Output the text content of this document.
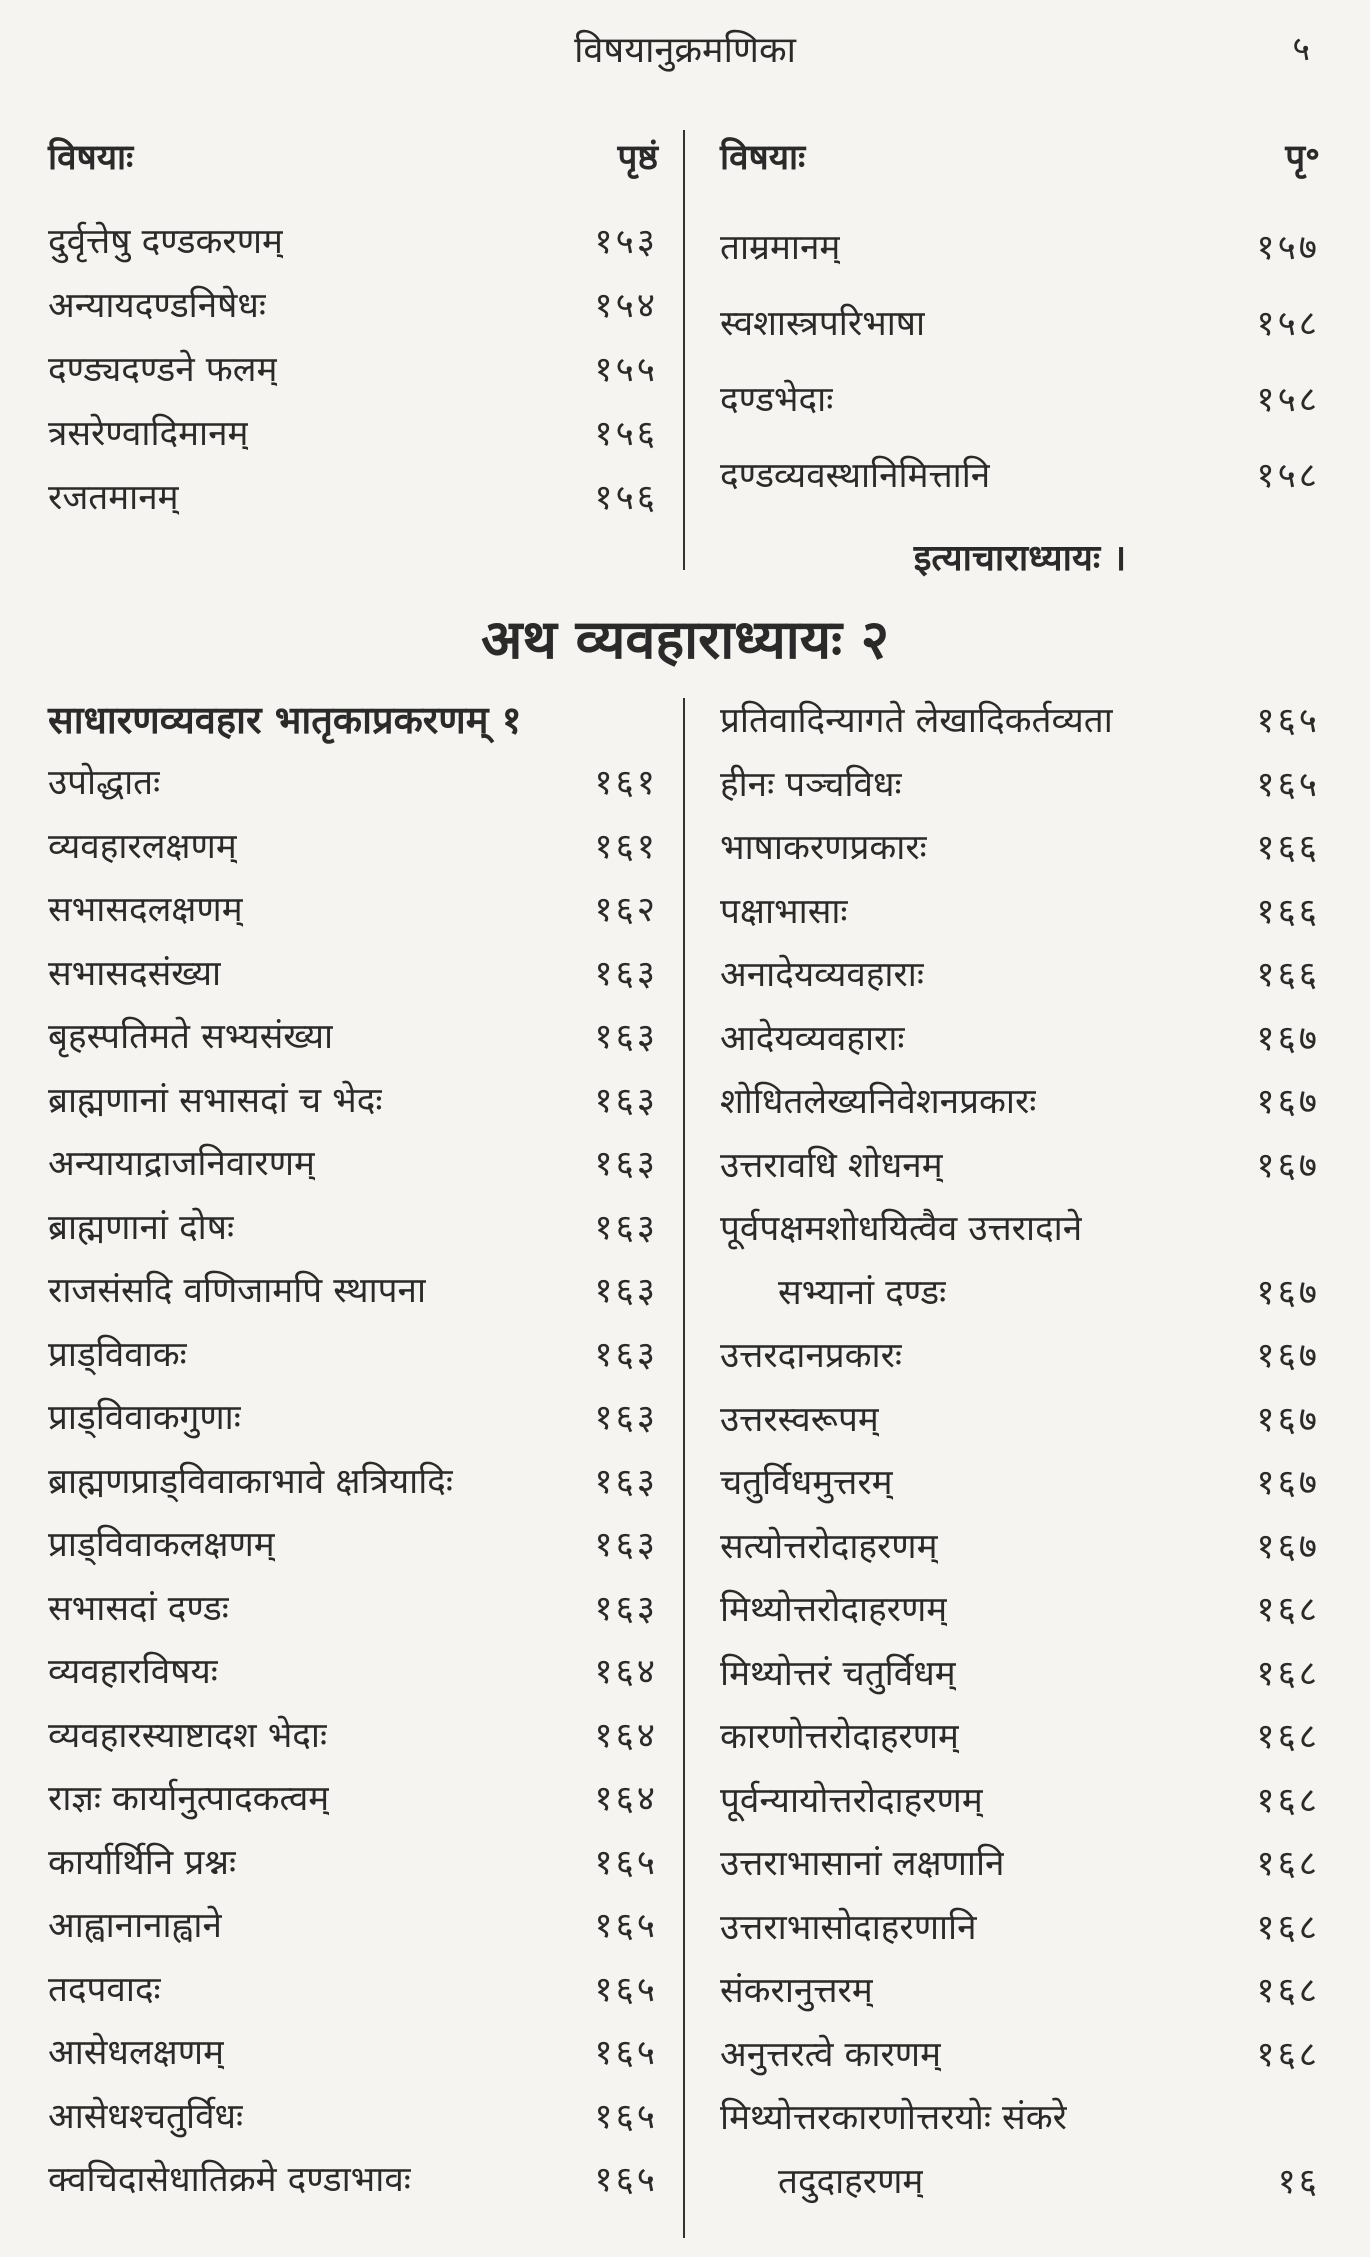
विषयानुक्रमणिका	५
विषयाः	पृष्ठं
दुर्वृत्तेषु दण्डकरणम्	१५३
अन्यायदण्डनिषेधः	१५४
दण्ड्यदण्डने फलम्	१५५
त्रसरेण्वादिमानम्	१५६
रजतमानम्	१५६
विषयाः	पृ॰
ताम्रमानम्	१५७
स्वशास्त्रपरिभाषा	१५८
दण्डभेदाः	१५८
दण्डव्यवस्थानिमित्तानि	१५८
इत्याचाराध्यायः ।
अथ व्यवहाराध्यायः २
साधारणव्यवहार भातृकाप्रकरणम् १
उपोद्धातः	१६१
व्यवहारलक्षणम्	१६१
सभासदलक्षणम्	१६२
सभासदसंख्या	१६३
बृहस्पतिमते सभ्यसंख्या	१६३
ब्राह्मणानां सभासदां च भेदः	१६३
अन्यायाद्राजनिवारणम्	१६३
ब्राह्मणानां दोषः	१६३
राजसंसदि वणिजामपि स्थापना	१६३
प्राड्विवाकः	१६३
प्राड्विवाकगुणाः	१६३
ब्राह्मणप्राड्विवाकाभावे क्षत्रियादिः	१६३
प्राड्विवाकलक्षणम्	१६३
सभासदां दण्डः	१६३
व्यवहारविषयः	१६४
व्यवहारस्याष्टादश भेदाः	१६४
राज्ञः कार्यानुत्पादकत्वम्	१६४
कार्यार्थिनि प्रश्नः	१६५
आह्वानानाह्वाने	१६५
तदपवादः	१६५
आसेधलक्षणम्	१६५
आसेधश्चतुर्विधः	१६५
क्वचिदासेधातिक्रमे दण्डाभावः	१६५
प्रतिवादिन्यागते लेखादिकर्तव्यता	१६५
हीनः पञ्चविधः	१६५
भाषाकरणप्रकारः	१६६
पक्षाभासाः	१६६
अनादेयव्यवहाराः	१६६
आदेयव्यवहाराः	१६७
शोधितलेख्यनिवेशनप्रकारः	१६७
उत्तरावधि शोधनम्	१६७
पूर्वपक्षमशोधयित्वैव उत्तरादाने
सभ्यानां दण्डः	१६७
उत्तरदानप्रकारः	१६७
उत्तरस्वरूपम्	१६७
चतुर्विधमुत्तरम्	१६७
सत्योत्तरोदाहरणम्	१६७
मिथ्योत्तरोदाहरणम्	१६८
मिथ्योत्तरं चतुर्विधम्	१६८
कारणोत्तरोदाहरणम्	१६८
पूर्वन्यायोत्तरोदाहरणम्	१६८
उत्तराभासानां लक्षणानि	१६८
उत्तराभासोदाहरणानि	१६८
संकरानुत्तरम्	१६८
अनुत्तरत्वे कारणम्	१६८
मिथ्योत्तरकारणोत्तरयोः संकरे
तदुदाहरणम्	१६
